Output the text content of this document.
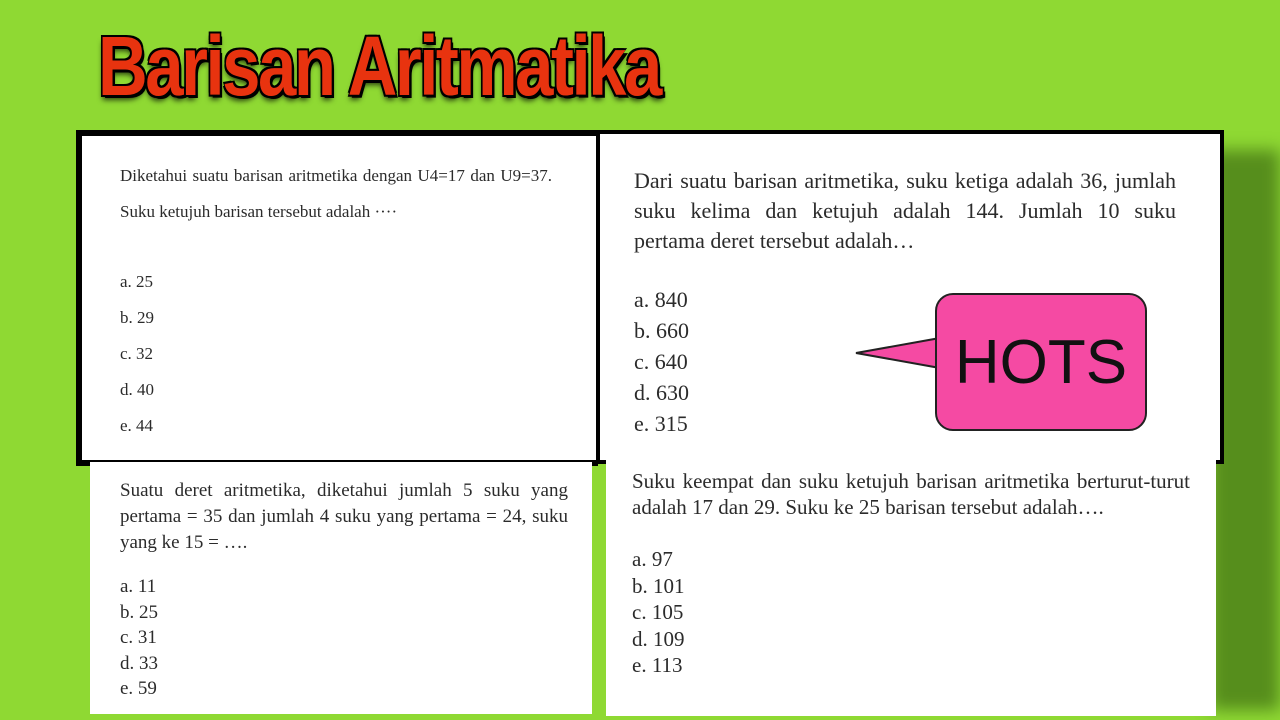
Barisan Aritmatika

Diketahui suatu barisan aritmetika dengan U4=17 dan U9=37. Suku ketujuh barisan tersebut adalah ····

a. 25
b. 29
c. 32
d. 40
e. 44

Dari suatu barisan aritmetika, suku ketiga adalah 36, jumlah suku kelima dan ketujuh adalah 144. Jumlah 10 suku pertama deret tersebut adalah…

a. 840
b. 660
c. 640
d. 630
e. 315
HOTS

Suatu deret aritmetika, diketahui jumlah 5 suku yang pertama = 35 dan jumlah 4 suku yang pertama = 24, suku yang ke 15 = ….

a. 11
b. 25
c. 31
d. 33
e. 59

Suku keempat dan suku ketujuh barisan aritmetika berturut-turut adalah 17 dan 29. Suku ke 25 barisan tersebut adalah….

a. 97
b. 101
c. 105
d. 109
e. 113
